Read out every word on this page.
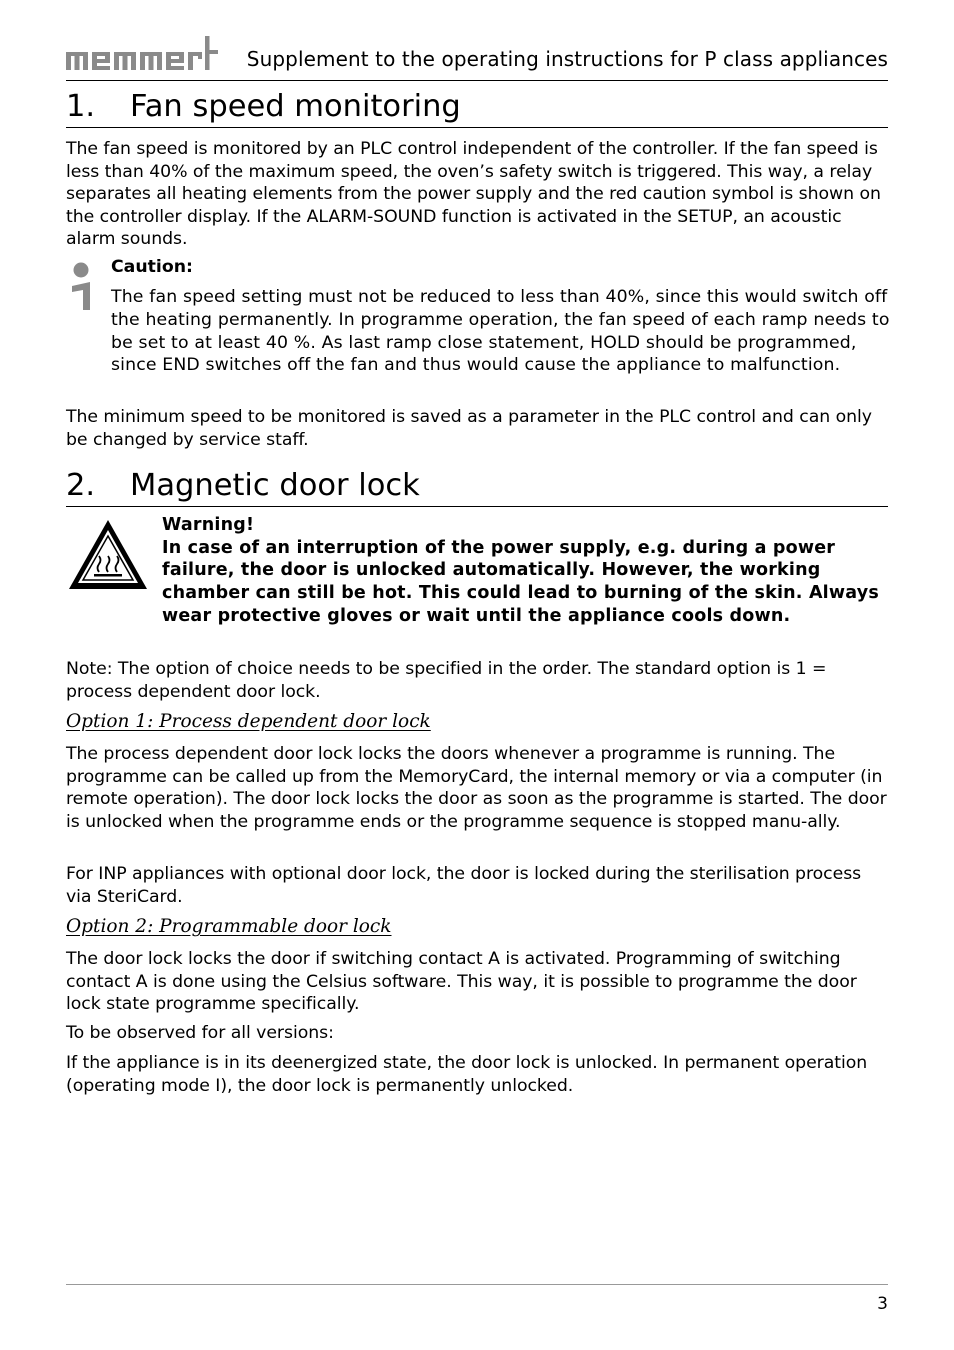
Supplement to the operating instructions for P class appliances
1. Fan speed monitoring

The fan speed is monitored by an PLC control independent of the controller. If the fan speed is less than 40% of the maximum speed, the oven’s safety switch is triggered. This way, a relay separates all heating elements from the power supply and the red caution symbol is shown on the controller display. If the ALARM-SOUND function is activated in the SETUP, an acoustic alarm sounds.

Caution:

The fan speed setting must not be reduced to less than 40%, since this would switch off the heating permanently. In programme operation, the fan speed of each ramp needs to be set to at least 40 %. As last ramp close statement, HOLD should be programmed, since END switches off the fan and thus would cause the appliance to malfunction.

The minimum speed to be monitored is saved as a parameter in the PLC control and can only be changed by service staff.

2. Magnetic door lock
Warning!
In case of an interruption of the power supply, e.g. during a power failure, the door is unlocked automatically. However, the working chamber can still be hot. This could lead to burning of the skin. Always wear protective gloves or wait until the appliance cools down.

Note: The option of choice needs to be specified in the order. The standard option is 1 = process dependent door lock.

Option 1: Process dependent door lock

The process dependent door lock locks the doors whenever a programme is running. The programme can be called up from the MemoryCard, the internal memory or via a computer (in remote operation). The door lock locks the door as soon as the programme is started. The door is unlocked when the programme ends or the programme sequence is stopped manu-ally.

For INP appliances with optional door lock, the door is locked during the sterilisation process via SteriCard.

Option 2: Programmable door lock

The door lock locks the door if switching contact A is activated. Programming of switching contact A is done using the Celsius software. This way, it is possible to programme the door lock state programme specifically.

To be observed for all versions:

If the appliance is in its deenergized state, the door lock is unlocked. In permanent operation (operating mode I), the door lock is permanently unlocked.

3
